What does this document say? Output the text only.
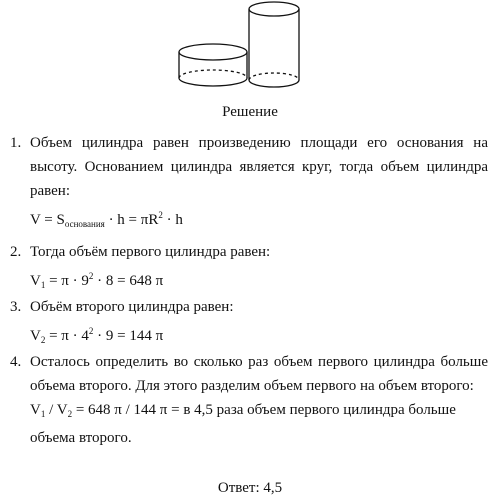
Решение
1. Объем цилиндра равен произведению площади его основания на высоту. Основанием цилиндра является круг, тогда объем цилиндра равен:
$V = S_{основания} \cdot h = \pi R^2 \cdot h$
2. Тогда объём первого цилиндра равен:
$V_1 = \pi \cdot 9^2 \cdot 8 = 648$ π
3. Объём второго цилиндра равен:
$V_2 = \pi \cdot 4^2 \cdot 9 = 144$ π
4. Осталось определить во сколько раз объем первого цилиндра больше объема второго. Для этого разделим объем первого на объем второго:
$V_1 / V_2 = 648$ π / 144 π = в 4,5 раза объем первого цилиндра больше объема второго.
Ответ: 4,5
